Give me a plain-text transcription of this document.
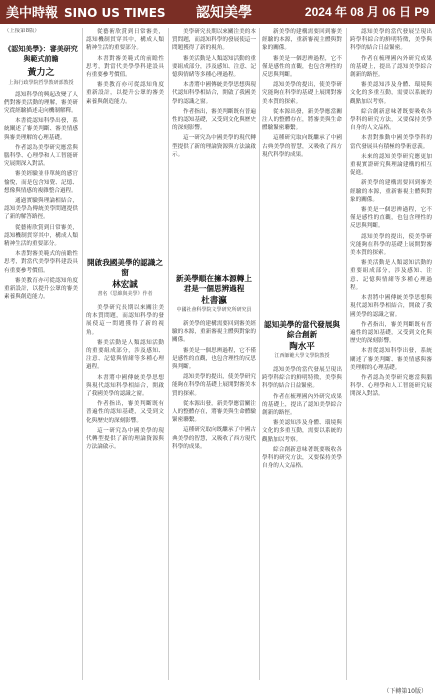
美中時報 SINO US TIMES 認知美學	2024 年 08 月 06 日 P9

（上接第8版）

《認知美學》：審美研究與範式前瞻
黃力之
上海行政學院哲學教研部教授

認知科學的興起改變了人們對審美活動的理解，審美研究從經驗描述走向機制解釋。

本書從認知科學出發，系統闡述了審美判斷、審美情感與審美理解的心理基礎。

作者認為美學研究應當與腦科學、心理學和人工智能研究展開深入對話。

審美經驗並非單純的感官愉悅，而是包含知覺、記憶、想像與情感的複雜整合過程。

通過實驗與理論相結合，認知美學為傳統美學問題提供了新的解答路徑。

從藝術欣賞到日常審美，認知機制貫穿其中，構成人類精神生活的重要部分。

本書對審美範式的前瞻性思考，對當代美學學科建設具有重要參考價值。

審美教育亦可從認知角度重新設計，以提升公眾的審美素養與創造能力。

從藝術欣賞到日常審美，認知機制貫穿其中，構成人類精神生活的重要部分。

本書對審美範式的前瞻性思考，對當代美學學科建設具有重要參考價值。

審美教育亦可從認知角度重新設計，以提升公眾的審美素養與創造能力。

開啟我國美學的認識之窗
林宏誠
書名《思維與美學》作者

美學研究長期以來關注美的本質問題，而認知科學的發展使這一問題獲得了新的視角。

審美活動是人類認知活動的重要組成部分，涉及感知、注意、記憶與情緒等多種心理過程。

本書將中國傳統美學思想與現代認知科學相結合，開啟了我國美學的認識之窗。

作者指出，審美判斷既有普遍性的認知基礎，又受到文化與歷史的深刻影響。

這一研究為中國美學的現代轉型提供了新的理論資源與方法論啟示。

美學研究長期以來關注美的本質問題，而認知科學的發展使這一問題獲得了新的視角。

審美活動是人類認知活動的重要組成部分，涉及感知、注意、記憶與情緒等多種心理過程。

本書將中國傳統美學思想與現代認知科學相結合，開啟了我國美學的認識之窗。

作者指出，審美判斷既有普遍性的認知基礎，又受到文化與歷史的深刻影響。

這一研究為中國美學的現代轉型提供了新的理論資源與方法論啟示。

新美學順在擁本源轉上 君是一個思辨過程
杜書瀛
中國社會科學院文學研究所研究員

新美學的建構需要回到審美經驗的本源，重新審視主體與對象的關係。

審美是一個思辨過程，它不僅是感性的直觀，也包含理性的反思與判斷。

認知美學的提出，使美學研究能夠在科學的基礎上展開對審美本質的探索。

從本源出發，新美學應當關注人的整體存在，將審美與生命體驗緊密聯繫。

這種研究取向既繼承了中國古典美學的智慧，又吸收了西方現代科學的成果。

新美學的建構需要回到審美經驗的本源，重新審視主體與對象的關係。

審美是一個思辨過程，它不僅是感性的直觀，也包含理性的反思與判斷。

認知美學的提出，使美學研究能夠在科學的基礎上展開對審美本質的探索。

從本源出發，新美學應當關注人的整體存在，將審美與生命體驗緊密聯繫。

這種研究取向既繼承了中國古典美學的智慧，又吸收了西方現代科學的成果。

認知美學的當代發展與綜合創新
陶水平
江西師範大學文學院教授

認知美學的當代發展呈現出跨學科綜合的鮮明特徵，美學與科學的結合日益緊密。

作者在梳理國內外研究成果的基礎上，提出了認知美學綜合創新的路徑。

審美認知涉及身體、環境與文化的多重互動，需要以系統的觀點加以考察。

綜合創新意味著既要吸收各學科的研究方法，又要保持美學自身的人文品格。

認知美學的當代發展呈現出跨學科綜合的鮮明特徵，美學與科學的結合日益緊密。

作者在梳理國內外研究成果的基礎上，提出了認知美學綜合創新的路徑。

審美認知涉及身體、環境與文化的多重互動，需要以系統的觀點加以考察。

綜合創新意味著既要吸收各學科的研究方法，又要保持美學自身的人文品格。

本書對推動中國美學學科的當代發展具有積極的學術意義。

未來的認知美學研究應更加重視實證研究與理論建構的相互促進。

新美學的建構需要回到審美經驗的本源，重新審視主體與對象的關係。

審美是一個思辨過程，它不僅是感性的直觀，也包含理性的反思與判斷。

認知美學的提出，使美學研究能夠在科學的基礎上展開對審美本質的探索。

審美活動是人類認知活動的重要組成部分，涉及感知、注意、記憶與情緒等多種心理過程。

本書將中國傳統美學思想與現代認知科學相結合，開啟了我國美學的認識之窗。

作者指出，審美判斷既有普遍性的認知基礎，又受到文化與歷史的深刻影響。

本書從認知科學出發，系統闡述了審美判斷、審美情感與審美理解的心理基礎。

作者認為美學研究應當與腦科學、心理學和人工智能研究展開深入對話。

（下轉第10版）
